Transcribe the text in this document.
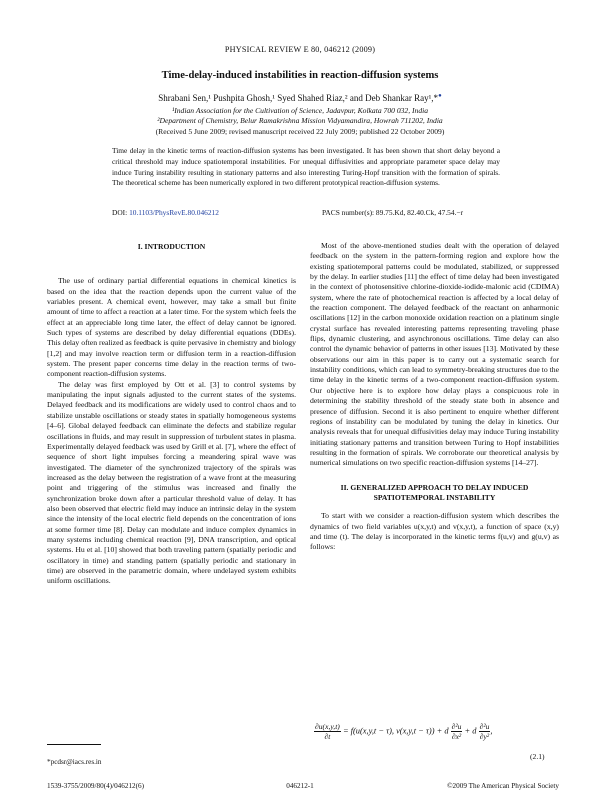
PHYSICAL REVIEW E 80, 046212 (2009)
Time-delay-induced instabilities in reaction-diffusion systems
Shrabani Sen,¹ Pushpita Ghosh,¹ Syed Shahed Riaz,² and Deb Shankar Ray¹,*●
¹Indian Association for the Cultivation of Science, Jadavpur, Kolkata 700 032, India
²Department of Chemistry, Belur Ramakrishna Mission Vidyamandira, Howrah 711202, India
(Received 5 June 2009; revised manuscript received 22 July 2009; published 22 October 2009)
Time delay in the kinetic terms of reaction-diffusion systems has been investigated. It has been shown that short delay beyond a critical threshold may induce spatiotemporal instabilities. For unequal diffusivities and appropriate parameter space delay may induce Turing instability resulting in stationary patterns and also interesting Turing-Hopf transition with the formation of spirals. The theoretical scheme has been numerically explored in two different prototypical reaction-diffusion systems.
DOI: 10.1103/PhysRevE.80.046212	PACS number(s): 89.75.Kd, 82.40.Ck, 47.54.−r
I. INTRODUCTION

The use of ordinary partial differential equations in chemical kinetics is based on the idea that the reaction depends upon the current value of the variables present. A chemical event, however, may take a small but finite amount of time to affect a reaction at a later time. For the system which feels the effect at an appreciable long time later, the effect of delay cannot be ignored. Such types of systems are described by delay differential equations (DDEs). This delay often realized as feedback is quite pervasive in chemistry and biology [1,2] and may involve reaction term or diffusion term in a reaction-diffusion system. The present paper concerns time delay in the reaction terms of two-component reaction-diffusion systems.

The delay was first employed by Ott et al. [3] to control systems by manipulating the input signals adjusted to the current states of the systems. Delayed feedback and its modifications are widely used to control chaos and to stabilize unstable oscillations or steady states in spatially homogeneous systems [4–6]. Global delayed feedback can eliminate the defects and stabilize regular oscillations in fluids, and may result in suppression of turbulent states in plasma. Experimentally delayed feedback was used by Grill et al. [7], where the effect of sequence of short light impulses forcing a meandering spiral wave was investigated. The diameter of the synchronized trajectory of the spirals was increased as the delay between the registration of a wave front at the measuring point and triggering of the stimulus was increased and finally the synchronization broke down after a particular threshold value of delay. It has also been observed that electric field may induce an intrinsic delay in the system since the intensity of the local electric field depends on the concentration of ions at some former time [8]. Delay can modulate and induce complex dynamics in many systems including chemical reaction [9], DNA transcription, and optical systems. Hu et al. [10] showed that both traveling pattern (spatially periodic and oscillatory in time) and standing pattern (spatially periodic and stationary in time) are observed in the parametric domain, where undelayed system exhibits uniform oscillations.

Most of the above-mentioned studies dealt with the operation of delayed feedback on the system in the pattern-forming region and explore how the existing spatiotemporal patterns could be modulated, stabilized, or suppressed by the delay. In earlier studies [11] the effect of time delay had been investigated in the context of photosensitive chlorine-dioxide-iodide-malonic acid (CDIMA) system, where the rate of photochemical reaction is affected by a local delay of the reaction component. The delayed feedback of the reactant on anharmonic oscillations [12] in the carbon monoxide oxidation reaction on a platinum single crystal surface has revealed interesting patterns representing traveling phase flips, dynamic clustering, and asynchronous oscillations. Time delay can also control the dynamic behavior of patterns in other issues [13]. Motivated by these observations our aim in this paper is to carry out a systematic search for instability conditions, which can lead to symmetry-breaking structures due to the time delay in the kinetic terms of a two-component reaction-diffusion system. Our objective here is to explore how delay plays a conspicuous role in determining the stability threshold of the steady state both in absence and presence of diffusion. Second it is also pertinent to enquire whether different regions of instability can be modulated by tuning the delay in kinetics. Our analysis reveals that for unequal diffusivities delay may induce Turing instability initiating stationary patterns and transition between Turing to Hopf instabilities resulting in the formation of spirals. We corroborate our theoretical analysis by numerical simulations on two specific reaction-diffusion systems [14–27].

II. GENERALIZED APPROACH TO DELAY INDUCED
SPATIOTEMPORAL INSTABILITY

To start with we consider a reaction-diffusion system which describes the dynamics of two field variables u(x,y,t) and v(x,y,t), a function of space (x,y) and time (t). The delay is incorporated in the kinetic terms f(u,v) and g(u,v) as follows:

$\frac{\partial u(x,y,t)}{\partial t} = f(u(x,y,t - \tau)$, v(x,y,t − τ)) + d $\frac{\text{∂²u}}{\text{∂x²}} + d \frac{\text{∂²u}}{\text{∂y²}}$ ,
(2.1)
*pcdsr@iacs.res.in
1539-3755/2009/80(4)/046212(6)	046212-1	©2009 The American Physical Society
